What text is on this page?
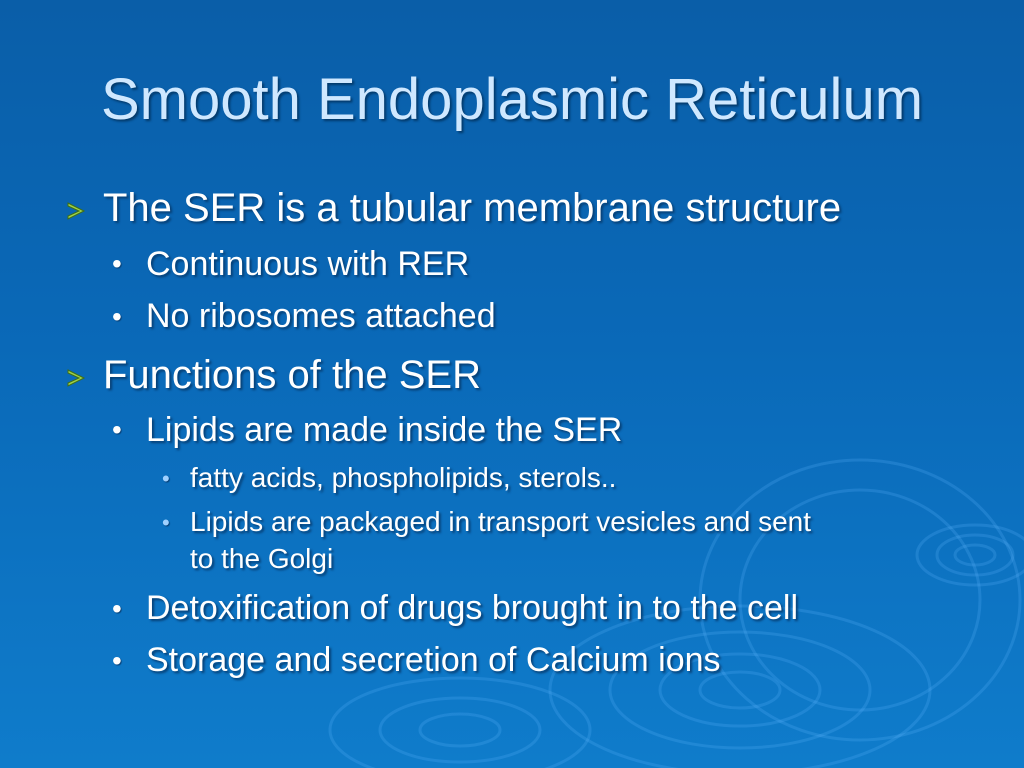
Smooth Endoplasmic Reticulum
The SER is a tubular membrane structure
• Continuous with RER
• No ribosomes attached
Functions of the SER
• Lipids are made inside the SER
• fatty acids, phospholipids, sterols..
• Lipids are packaged in transport vesicles and sent
to the Golgi
• Detoxification of drugs brought in to the cell
• Storage and secretion of Calcium ions
